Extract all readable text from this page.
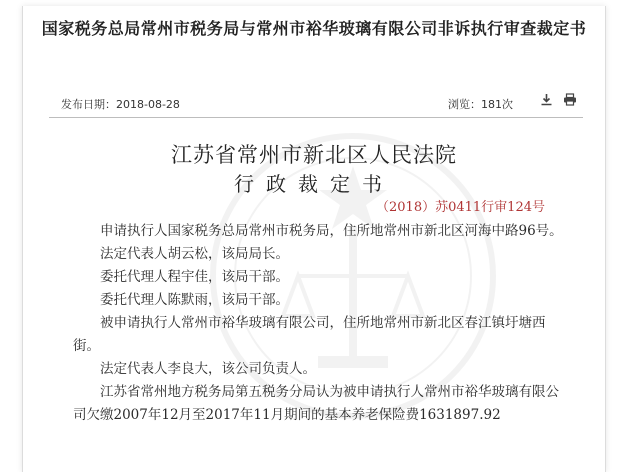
国家税务总局常州市税务局与常州市裕华玻璃有限公司非诉执行审查裁定书
发布日期：2018-08-28	浏览：181次
江苏省常州市新北区人民法院
行政裁定书
（2018）苏0411行审124号

申请执行人国家税务总局常州市税务局，住所地常州市新北区河海中路96号。

法定代表人胡云松，该局局长。

委托代理人程宇佳，该局干部。

委托代理人陈默雨，该局干部。

被申请执行人常州市裕华玻璃有限公司，住所地常州市新北区春江镇圩塘西街。

法定代表人李良大，该公司负责人。

江苏省常州地方税务局第五税务分局认为被申请执行人常州市裕华玻璃有限公司欠缴2007年12月至2017年11月期间的基本养老保险费1631897.92
